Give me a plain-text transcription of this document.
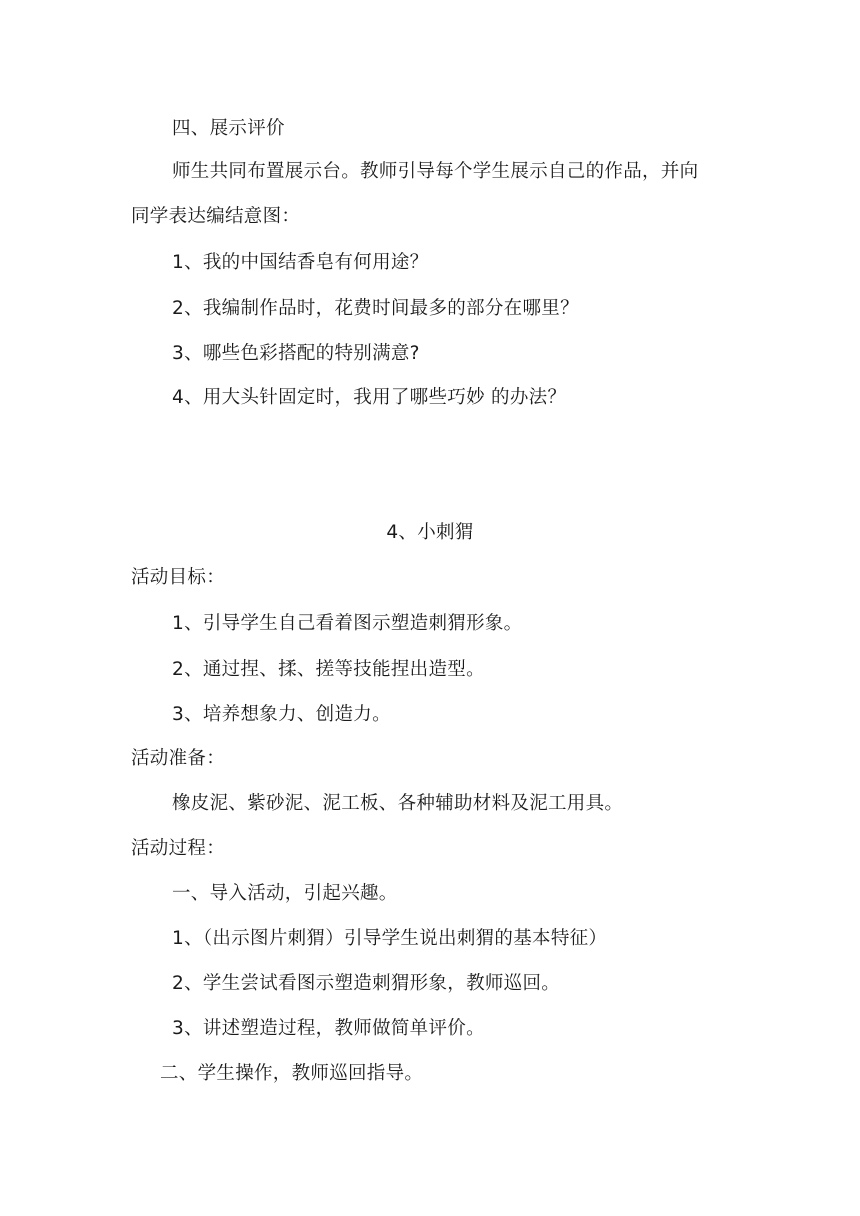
四、展示评价
师生共同布置展示台。教师引导每个学生展示自己的作品，并向
同学表达编结意图：
1、我的中国结香皂有何用途？
2、我编制作品时，花费时间最多的部分在哪里？
3、哪些色彩搭配的特别满意?
4、用大头针固定时，我用了哪些巧妙 的办法？
4、小刺猬
活动目标：
1、引导学生自己看着图示塑造刺猬形象。
2、通过捏、揉、搓等技能捏出造型。
3、培养想象力、创造力。
活动准备：
橡皮泥、紫砂泥、泥工板、各种辅助材料及泥工用具。
活动过程：
一、导入活动，引起兴趣。
1、（出示图片刺猬）引导学生说出刺猬的基本特征）
2、学生尝试看图示塑造刺猬形象，教师巡回。
3、讲述塑造过程，教师做简单评价。
二、学生操作，教师巡回指导。
